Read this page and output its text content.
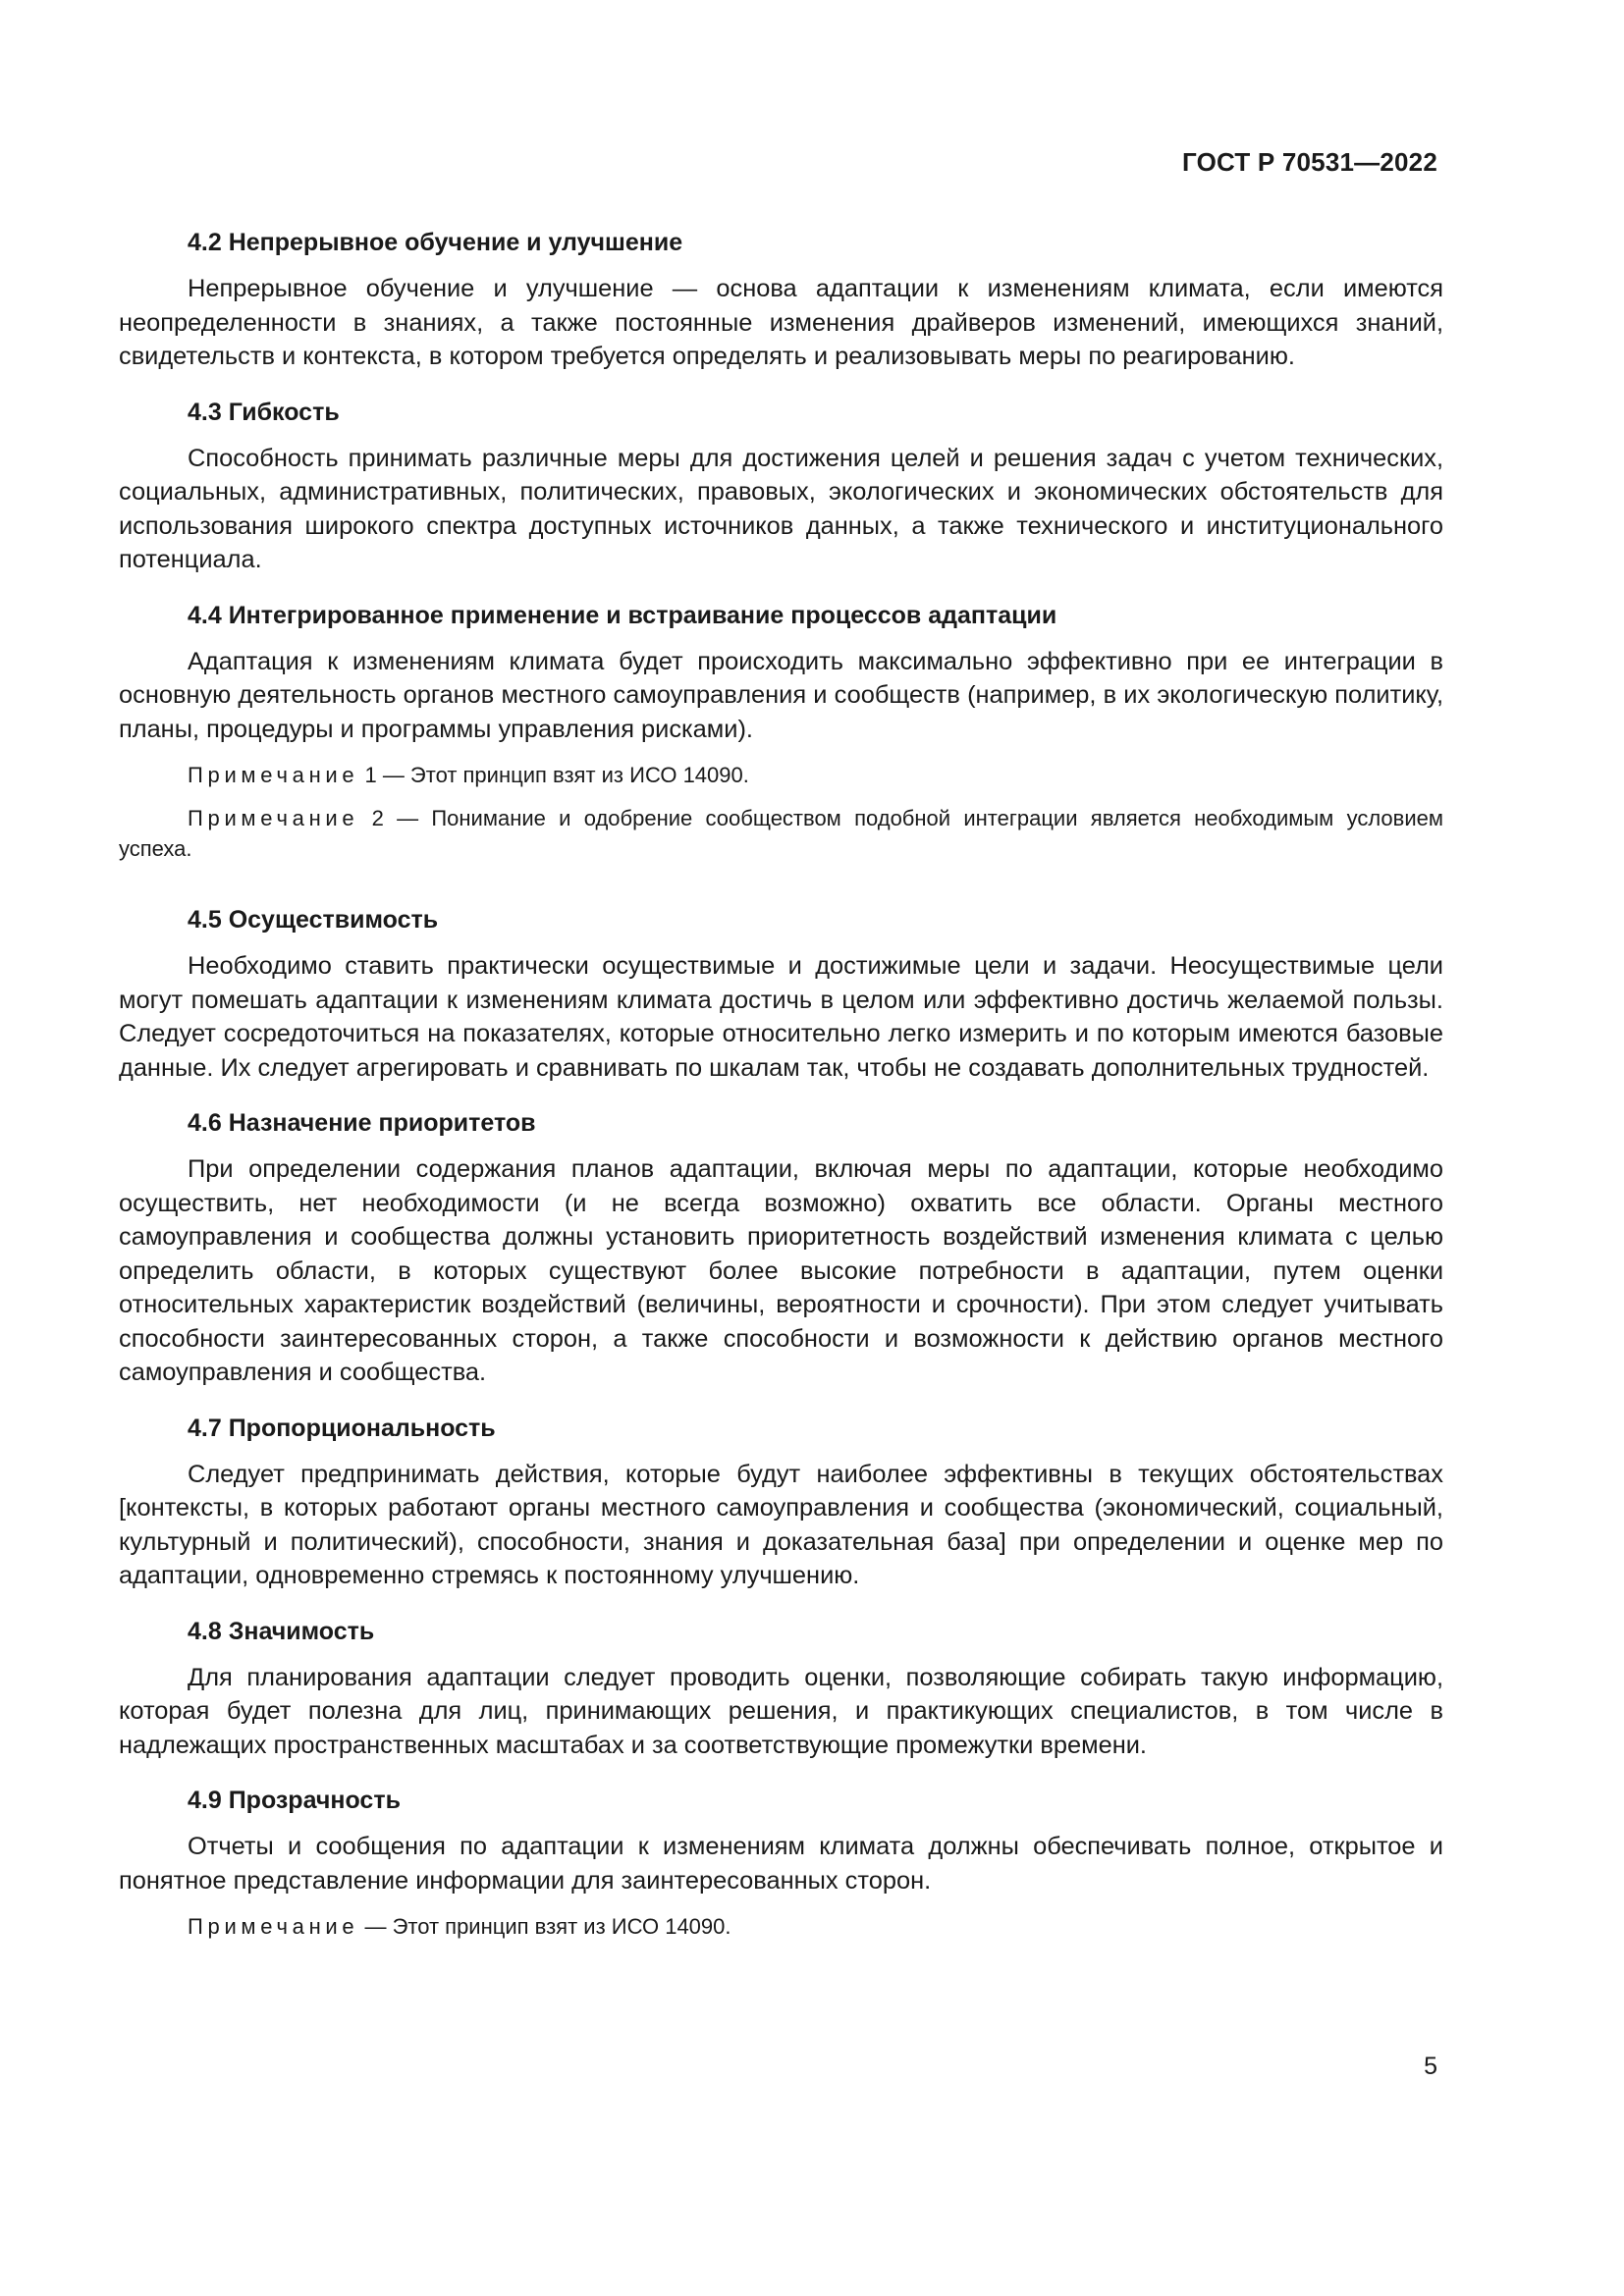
ГОСТ Р 70531—2022
4.2 Непрерывное обучение и улучшение

Непрерывное обучение и улучшение — основа адаптации к изменениям климата, если имеются неопределенности в знаниях, а также постоянные изменения драйверов изменений, имеющихся знаний, свидетельств и контекста, в котором требуется определять и реализовывать меры по реагированию.

4.3 Гибкость

Способность принимать различные меры для достижения целей и решения задач с учетом технических, социальных, административных, политических, правовых, экологических и экономических обстоятельств для использования широкого спектра доступных источников данных, а также технического и институционального потенциала.

4.4 Интегрированное применение и встраивание процессов адаптации

Адаптация к изменениям климата будет происходить максимально эффективно при ее интеграции в основную деятельность органов местного самоуправления и сообществ (например, в их экологическую политику, планы, процедуры и программы управления рисками).

Примечание 1 — Этот принцип взят из ИСО 14090.

Примечание 2 — Понимание и одобрение сообществом подобной интеграции является необходимым условием успеха.

4.5 Осуществимость

Необходимо ставить практически осуществимые и достижимые цели и задачи. Неосуществимые цели могут помешать адаптации к изменениям климата достичь в целом или эффективно достичь желаемой пользы. Следует сосредоточиться на показателях, которые относительно легко измерить и по которым имеются базовые данные. Их следует агрегировать и сравнивать по шкалам так, чтобы не создавать дополнительных трудностей.

4.6 Назначение приоритетов

При определении содержания планов адаптации, включая меры по адаптации, которые необходимо осуществить, нет необходимости (и не всегда возможно) охватить все области. Органы местного самоуправления и сообщества должны установить приоритетность воздействий изменения климата с целью определить области, в которых существуют более высокие потребности в адаптации, путем оценки относительных характеристик воздействий (величины, вероятности и срочности). При этом следует учитывать способности заинтересованных сторон, а также способности и возможности к действию органов местного самоуправления и сообщества.

4.7 Пропорциональность

Следует предпринимать действия, которые будут наиболее эффективны в текущих обстоятельствах [контексты, в которых работают органы местного самоуправления и сообщества (экономический, социальный, культурный и политический), способности, знания и доказательная база] при определении и оценке мер по адаптации, одновременно стремясь к постоянному улучшению.

4.8 Значимость

Для планирования адаптации следует проводить оценки, позволяющие собирать такую информацию, которая будет полезна для лиц, принимающих решения, и практикующих специалистов, в том числе в надлежащих пространственных масштабах и за соответствующие промежутки времени.

4.9 Прозрачность

Отчеты и сообщения по адаптации к изменениям климата должны обеспечивать полное, открытое и понятное представление информации для заинтересованных сторон.

Примечание — Этот принцип взят из ИСО 14090.

5
